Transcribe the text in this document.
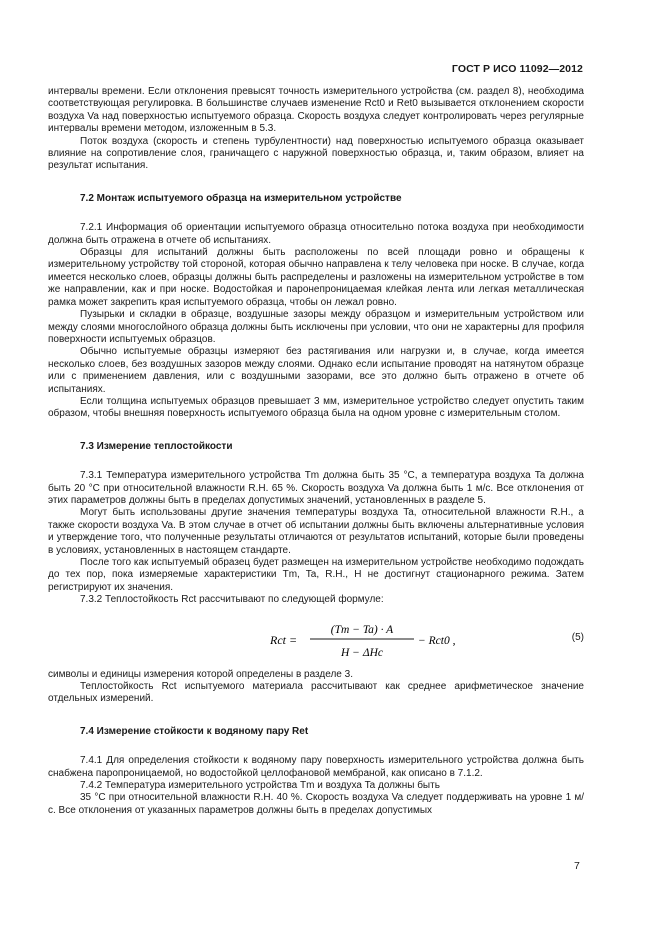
ГОСТ Р ИСО 11092—2012

интервалы времени. Если отклонения превысят точность измерительного устройства (см. раздел 8), необходима соответствующая регулировка. В большинстве случаев изменение Rct0 и Ret0 вызывается отклонением скорости воздуха Va над поверхностью испытуемого образца. Скорость воздуха следует контролировать через регулярные интервалы времени методом, изложенным в 5.3.

Поток воздуха (скорость и степень турбулентности) над поверхностью испытуемого образца оказывает влияние на сопротивление слоя, граничащего с наружной поверхностью образца, и, таким образом, влияет на результат испытания.

7.2 Монтаж испытуемого образца на измерительном устройстве

7.2.1 Информация об ориентации испытуемого образца относительно потока воздуха при необходимости должна быть отражена в отчете об испытаниях.

Образцы для испытаний должны быть расположены по всей площади ровно и обращены к измерительному устройству той стороной, которая обычно направлена к телу человека при носке. В случае, когда имеется несколько слоев, образцы должны быть распределены и разложены на измерительном устройстве в том же направлении, как и при носке. Водостойкая и паронепроницаемая клейкая лента или легкая металлическая рамка может закрепить края испытуемого образца, чтобы он лежал ровно.

Пузырьки и складки в образце, воздушные зазоры между образцом и измерительным устройством или между слоями многослойного образца должны быть исключены при условии, что они не характерны для профиля поверхности испытуемых образцов.

Обычно испытуемые образцы измеряют без растягивания или нагрузки и, в случае, когда имеется несколько слоев, без воздушных зазоров между слоями. Однако если испытание проводят на натянутом образце или с применением давления, или с воздушными зазорами, все это должно быть отражено в отчете об испытаниях.

Если толщина испытуемых образцов превышает 3 мм, измерительное устройство следует опустить таким образом, чтобы внешняя поверхность испытуемого образца была на одном уровне с измерительным столом.

7.3 Измерение теплостойкости

7.3.1 Температура измерительного устройства Tm должна быть 35 °C, а температура воздуха Ta должна быть 20 °C при относительной влажности R.H. 65 %. Скорость воздуха Va должна быть 1 м/с. Все отклонения от этих параметров должны быть в пределах допустимых значений, установленных в разделе 5.

Могут быть использованы другие значения температуры воздуха Ta, относительной влажности R.H., а также скорости воздуха Va. В этом случае в отчет об испытании должны быть включены альтернативные условия и утверждение того, что полученные результаты отличаются от результатов испытаний, которые были проведены в условиях, установленных в настоящем стандарте.

После того как испытуемый образец будет размещен на измерительном устройстве необходимо подождать до тех пор, пока измеряемые характеристики Tm, Ta, R.H., H не достигнут стационарного режима. Затем регистрируют их значения.

7.3.2 Теплостойкость Rct рассчитывают по следующей формуле:

Rct =
(Tm − Ta) · A
H − ΔHc
− Rct0 ,	(5)

символы и единицы измерения которой определены в разделе 3.

Теплостойкость Rct испытуемого материала рассчитывают как среднее арифметическое значение отдельных измерений.

7.4 Измерение стойкости к водяному пару Ret

7.4.1 Для определения стойкости к водяному пару поверхность измерительного устройства должна быть снабжена паропроницаемой, но водостойкой целлофановой мембраной, как описано в 7.1.2.

7.4.2 Температура измерительного устройства Tm и воздуха Ta должны быть

35 °C при относительной влажности R.H. 40 %. Скорость воздуха Va следует поддерживать на уровне 1 м/с. Все отклонения от указанных параметров должны быть в пределах допустимых

7
